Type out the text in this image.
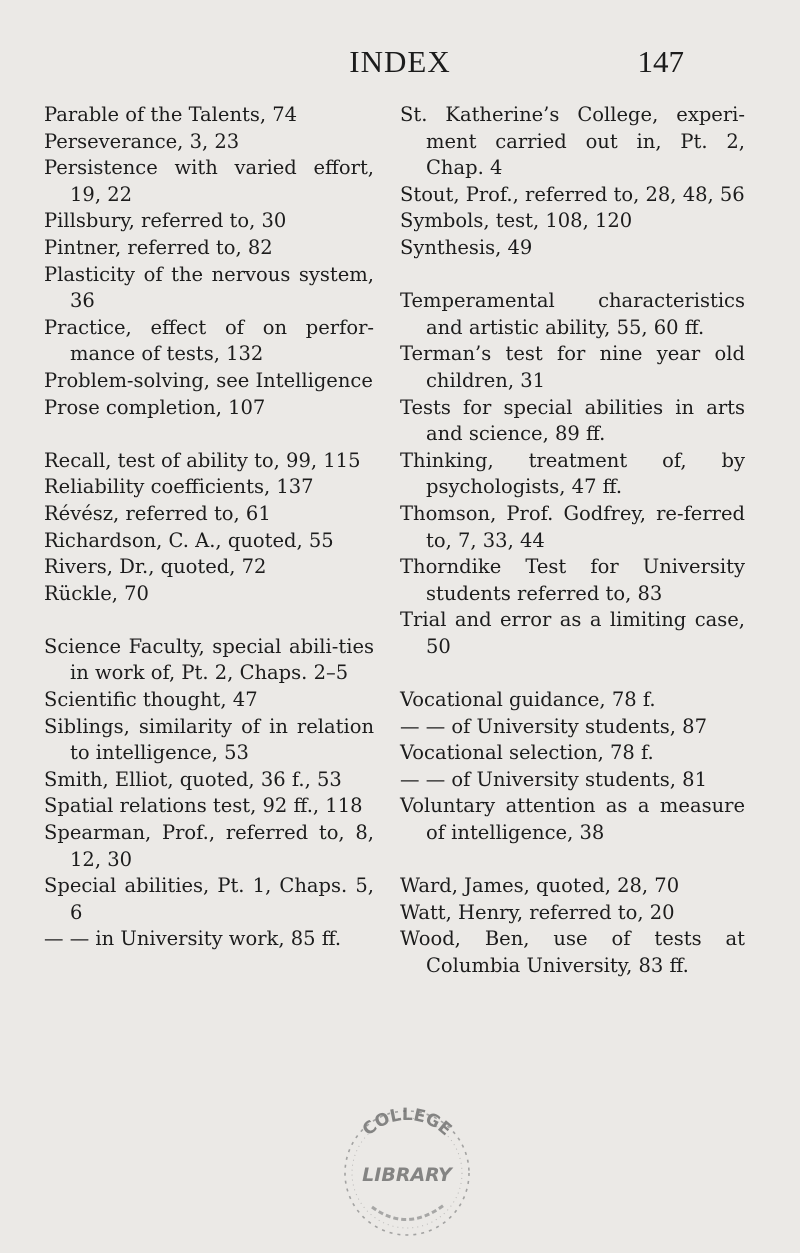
INDEX	147
Parable of the Talents, 74
Perseverance, 3, 23
Persistence with varied effort, 19, 22
Pillsbury, referred to, 30
Pintner, referred to, 82
Plasticity of the nervous system, 36
Practice, effect of on perfor-mance of tests, 132
Problem-solving, see Intelligence
Prose completion, 107
Recall, test of ability to, 99, 115
Reliability coefficients, 137
Révész, referred to, 61
Richardson, C. A., quoted, 55
Rivers, Dr., quoted, 72
Rückle, 70
Science Faculty, special abili-ties in work of, Pt. 2, Chaps. 2–5
Scientific thought, 47
Siblings, similarity of in relation to intelligence, 53
Smith, Elliot, quoted, 36 f., 53
Spatial relations test, 92 ff., 118
Spearman, Prof., referred to, 8, 12, 30
Special abilities, Pt. 1, Chaps. 5, 6
— — in University work, 85 ff.
St. Katherine’s College, experi-ment carried out in, Pt. 2, Chap. 4
Stout, Prof., referred to, 28, 48, 56
Symbols, test, 108, 120
Synthesis, 49
Temperamental characteristics and artistic ability, 55, 60 ff.
Terman’s test for nine year old children, 31
Tests for special abilities in arts and science, 89 ff.
Thinking, treatment of, by psychologists, 47 ff.
Thomson, Prof. Godfrey, re-ferred to, 7, 33, 44
Thorndike Test for University students referred to, 83
Trial and error as a limiting case, 50
Vocational guidance, 78 f.
— — of University students, 87
Vocational selection, 78 f.
— — of University students, 81
Voluntary attention as a measure of intelligence, 38
Ward, James, quoted, 28, 70
Watt, Henry, referred to, 20
Wood, Ben, use of tests at Columbia University, 83 ff.
COLLEGE
LIBRARY
